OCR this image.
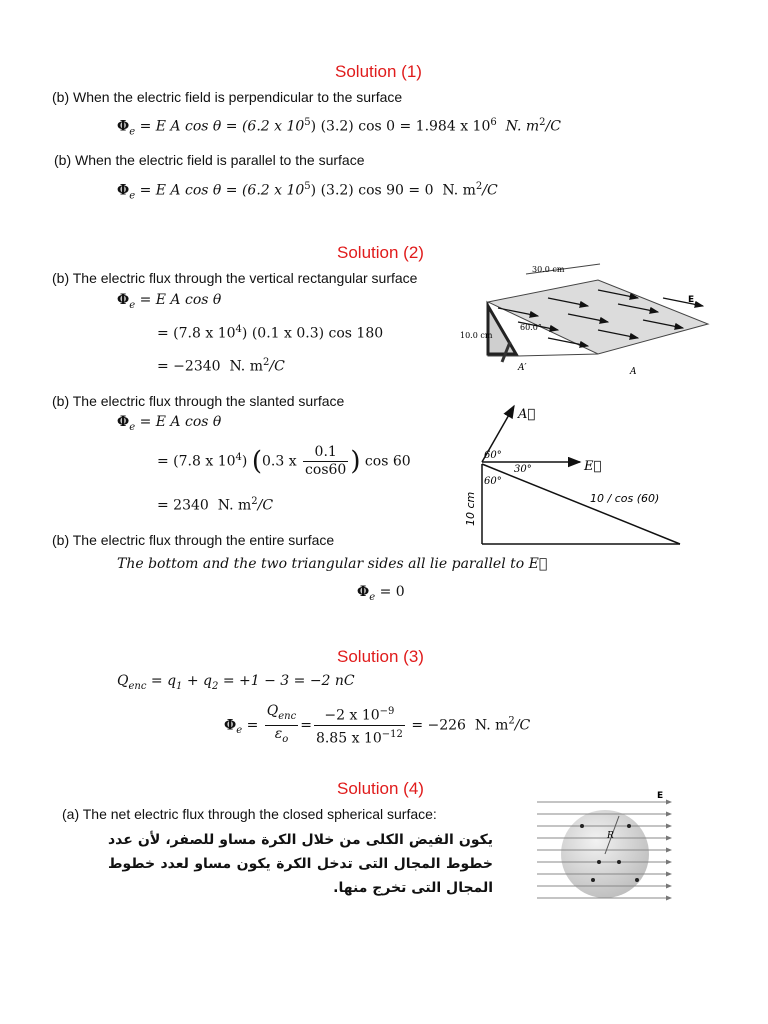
Solution (1)
(b) When the electric field is perpendicular to the surface
$\Phi_e = E$ A cos θ = (6.2 x $10^5$) (3.2) cos 0 = 1.984 x $10^6$  N. $m^2/C$
(b) When the electric field is parallel to the surface
$\Phi_e = E$ A cos θ = (6.2 x $10^5$) (3.2) cos 90 = 0  N. $m^2/C$
Solution (2)
(b) The electric flux through the vertical rectangular surface
$\Phi_e = E$ A cos θ
= (7.8 x $10^4$) (0.1 x 0.3) cos 180
= −2340  N. $m^2/C$
30.0 cm
10.0 cm
60.0°
E
A′	A
(b) The electric flux through the slanted surface
$\Phi_e = E$ A cos θ
= (7.8 x $10^4$) (0.3 x $\frac{0.1}{\cos 60}$ ) cos 60
= 2340  N. $m^2/C$
A⃗
E⃗
60°
30°
60°
10 / cos (60)
10 cm
(b) The electric flux through the entire surface
The bottom and the two triangular sides all lie parallel to E⃗
$\Phi_e = 0$
Solution (3)
$Q_{enc} = q_1 + q_2 = +1 - 3 = -2$ nC
$\Phi_e = \frac{Q_{enc}}{\varepsilon_o} = \frac{-2 x 10^{-9}}{8.85 x 10^{-12}} = -226$  N. $m^2/C$
Solution (4)
(a) The net electric flux through the closed spherical surface:
يكون الفيض الكلى من خلال الكرة مساو للصفر، لأن عدد خطوط المجال التى تدخل الكرة يكون مساو لعدد خطوط المجال التى تخرج منها.
E
R
